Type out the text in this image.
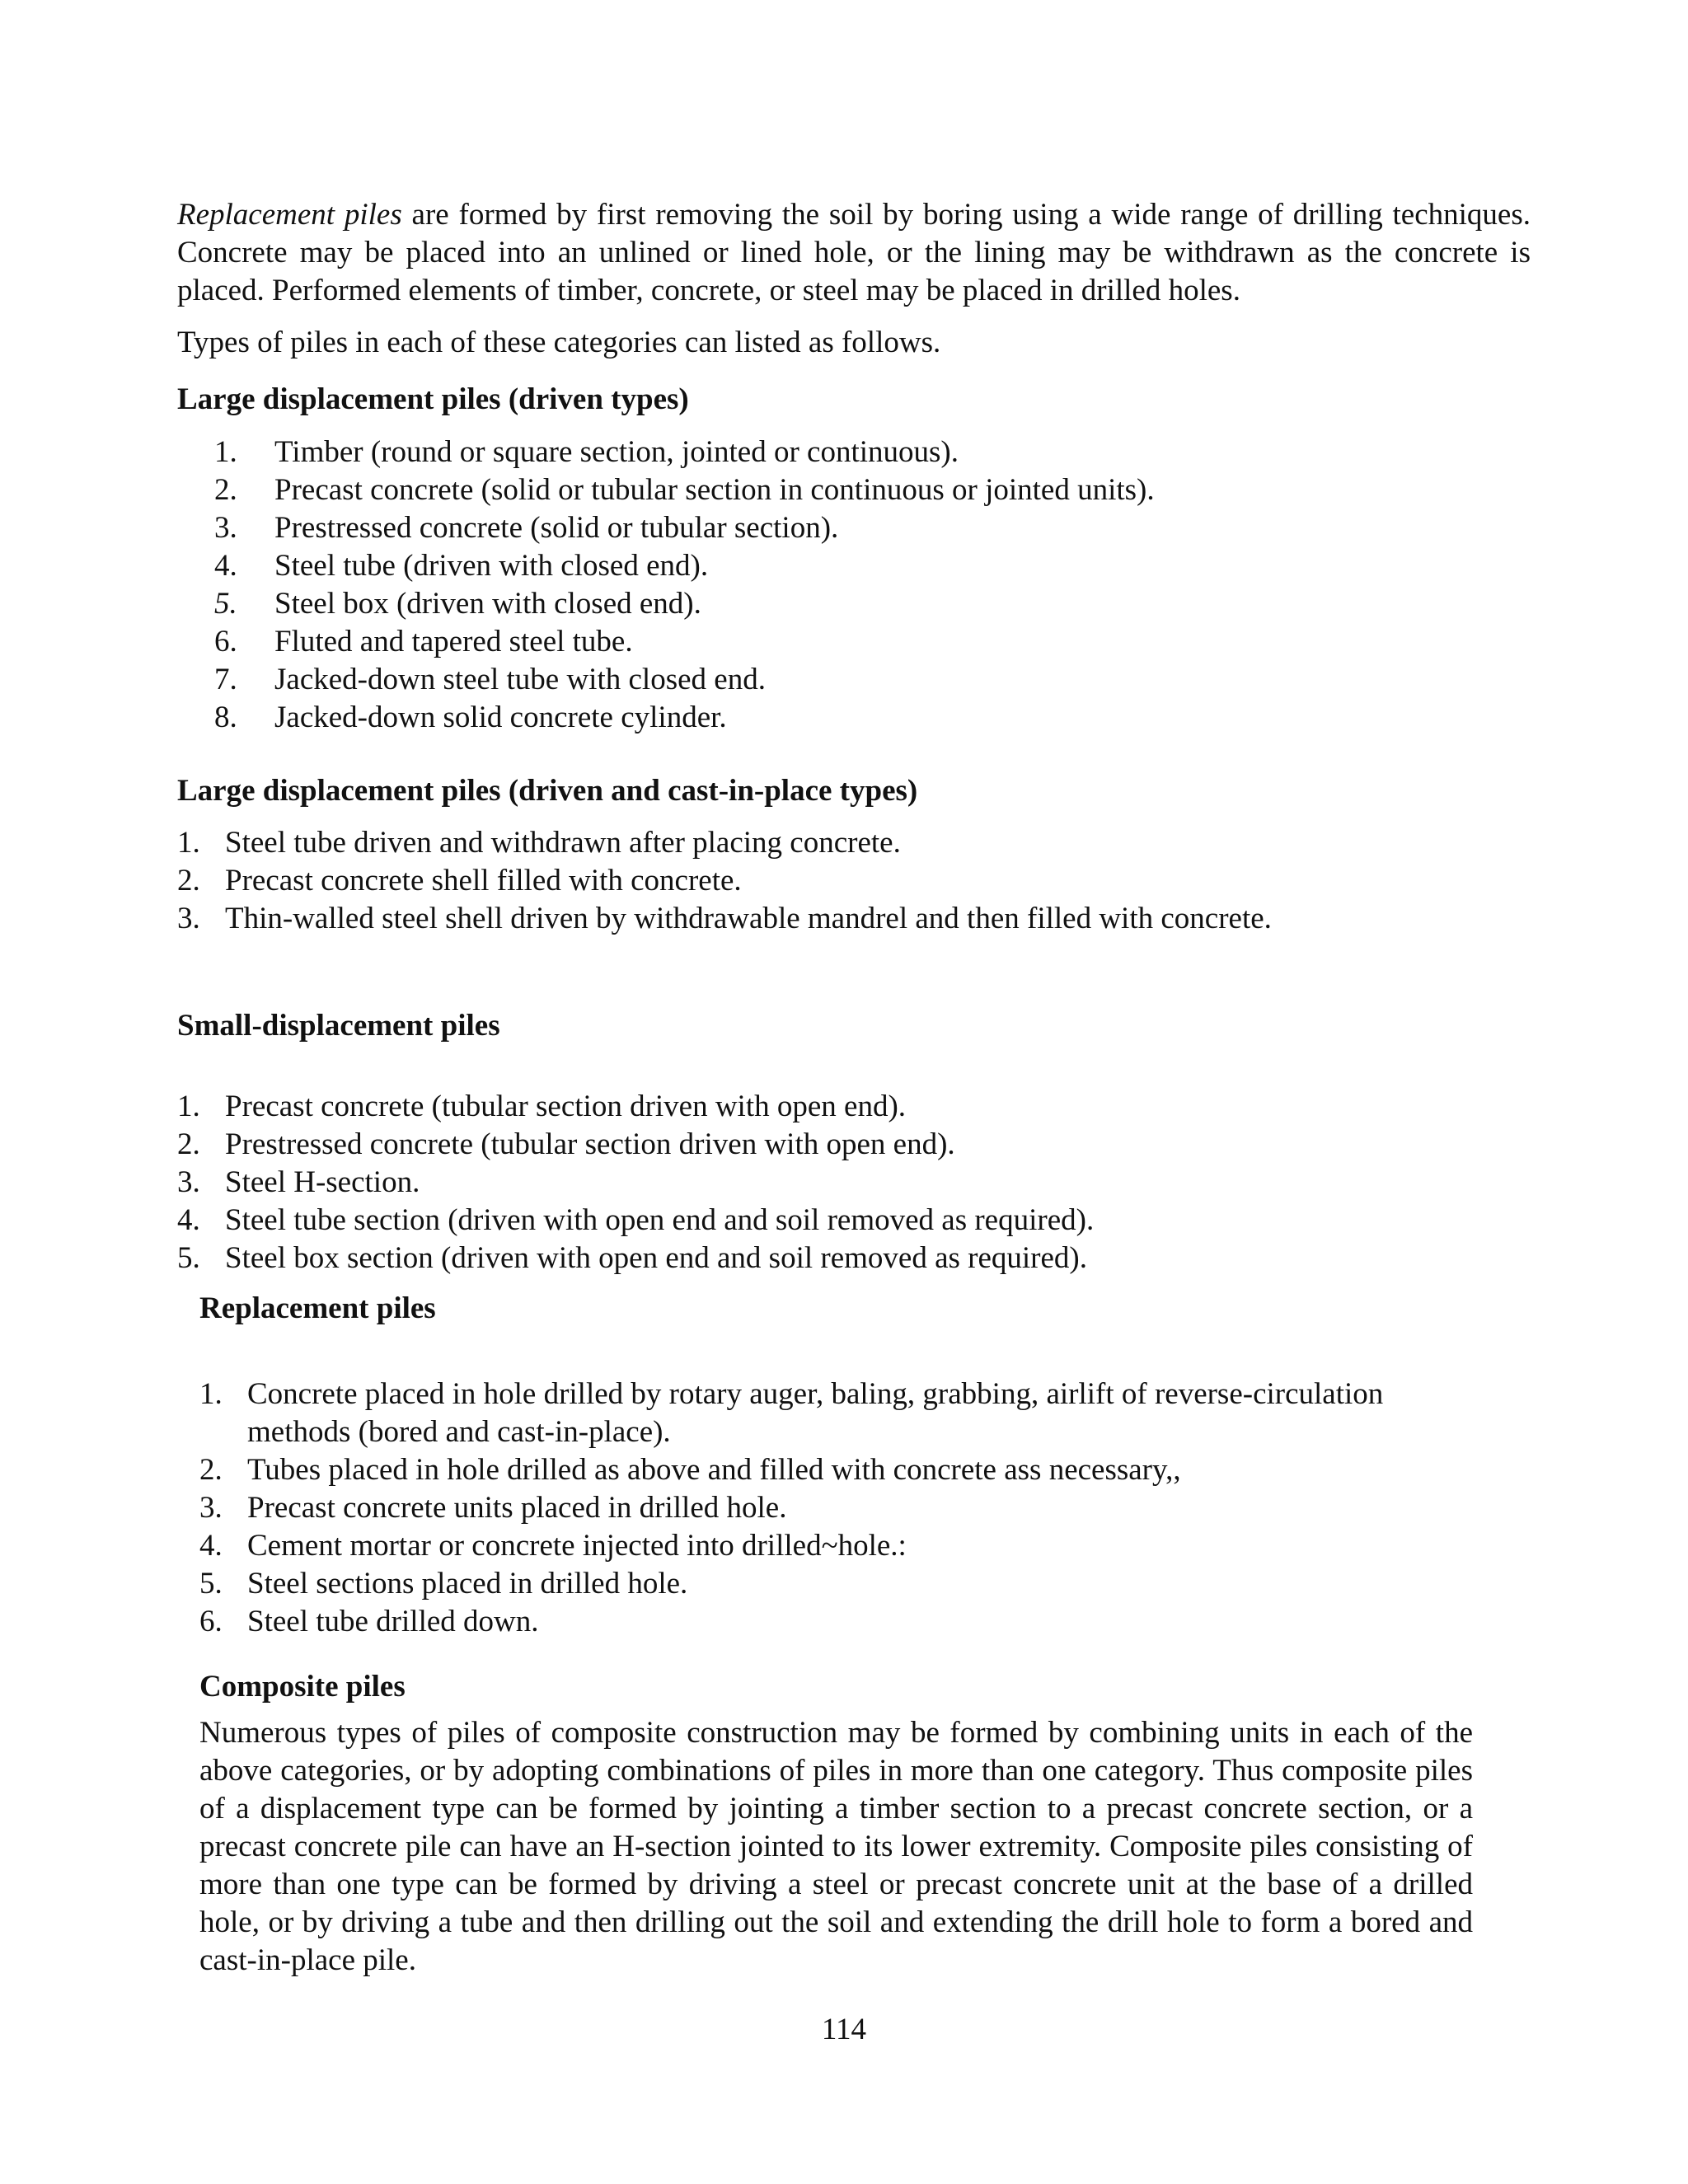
Replacement piles are formed by first removing the soil by boring using a wide range of drilling techniques. Concrete may be placed into an unlined or lined hole, or the lining may be withdrawn as the concrete is placed. Performed elements of timber, concrete, or steel may be placed in drilled holes.

Types of piles in each of these categories can listed as follows.

Large displacement piles (driven types)

1. Timber (round or square section, jointed or continuous).
2. Precast concrete (solid or tubular section in continuous or jointed units).
3. Prestressed concrete (solid or tubular section).
4. Steel tube (driven with closed end).
5. Steel box (driven with closed end).
6. Fluted and tapered steel tube.
7. Jacked-down steel tube with closed end.
8. Jacked-down solid concrete cylinder.

Large displacement piles (driven and cast-in-place types)

1. Steel tube driven and withdrawn after placing concrete.
2. Precast concrete shell filled with concrete.
3. Thin-walled steel shell driven by withdrawable mandrel and then filled with concrete.

Small-displacement piles

1. Precast concrete (tubular section driven with open end).
2. Prestressed concrete (tubular section driven with open end).
3. Steel H-section.
4. Steel tube section (driven with open end and soil removed as required).
5. Steel box section (driven with open end and soil removed as required).

Replacement piles

1. Concrete placed in hole drilled by rotary auger, baling, grabbing, airlift of reverse-circulation methods (bored and cast-in-place).
2. Tubes placed in hole drilled as above and filled with concrete ass necessary,,
3. Precast concrete units placed in drilled hole.
4. Cement mortar or concrete injected into drilled~hole.:
5. Steel sections placed in drilled hole.
6. Steel tube drilled down.

Composite piles

Numerous types of piles of composite construction may be formed by combining units in each of the above categories, or by adopting combinations of piles in more than one category. Thus composite piles of a displacement type can be formed by jointing a timber section to a precast concrete section, or a precast concrete pile can have an H-section jointed to its lower extremity. Composite piles consisting of more than one type can be formed by driving a steel or precast concrete unit at the base of a drilled hole, or by driving a tube and then drilling out the soil and extending the drill hole to form a bored and cast-in-place pile.

114
